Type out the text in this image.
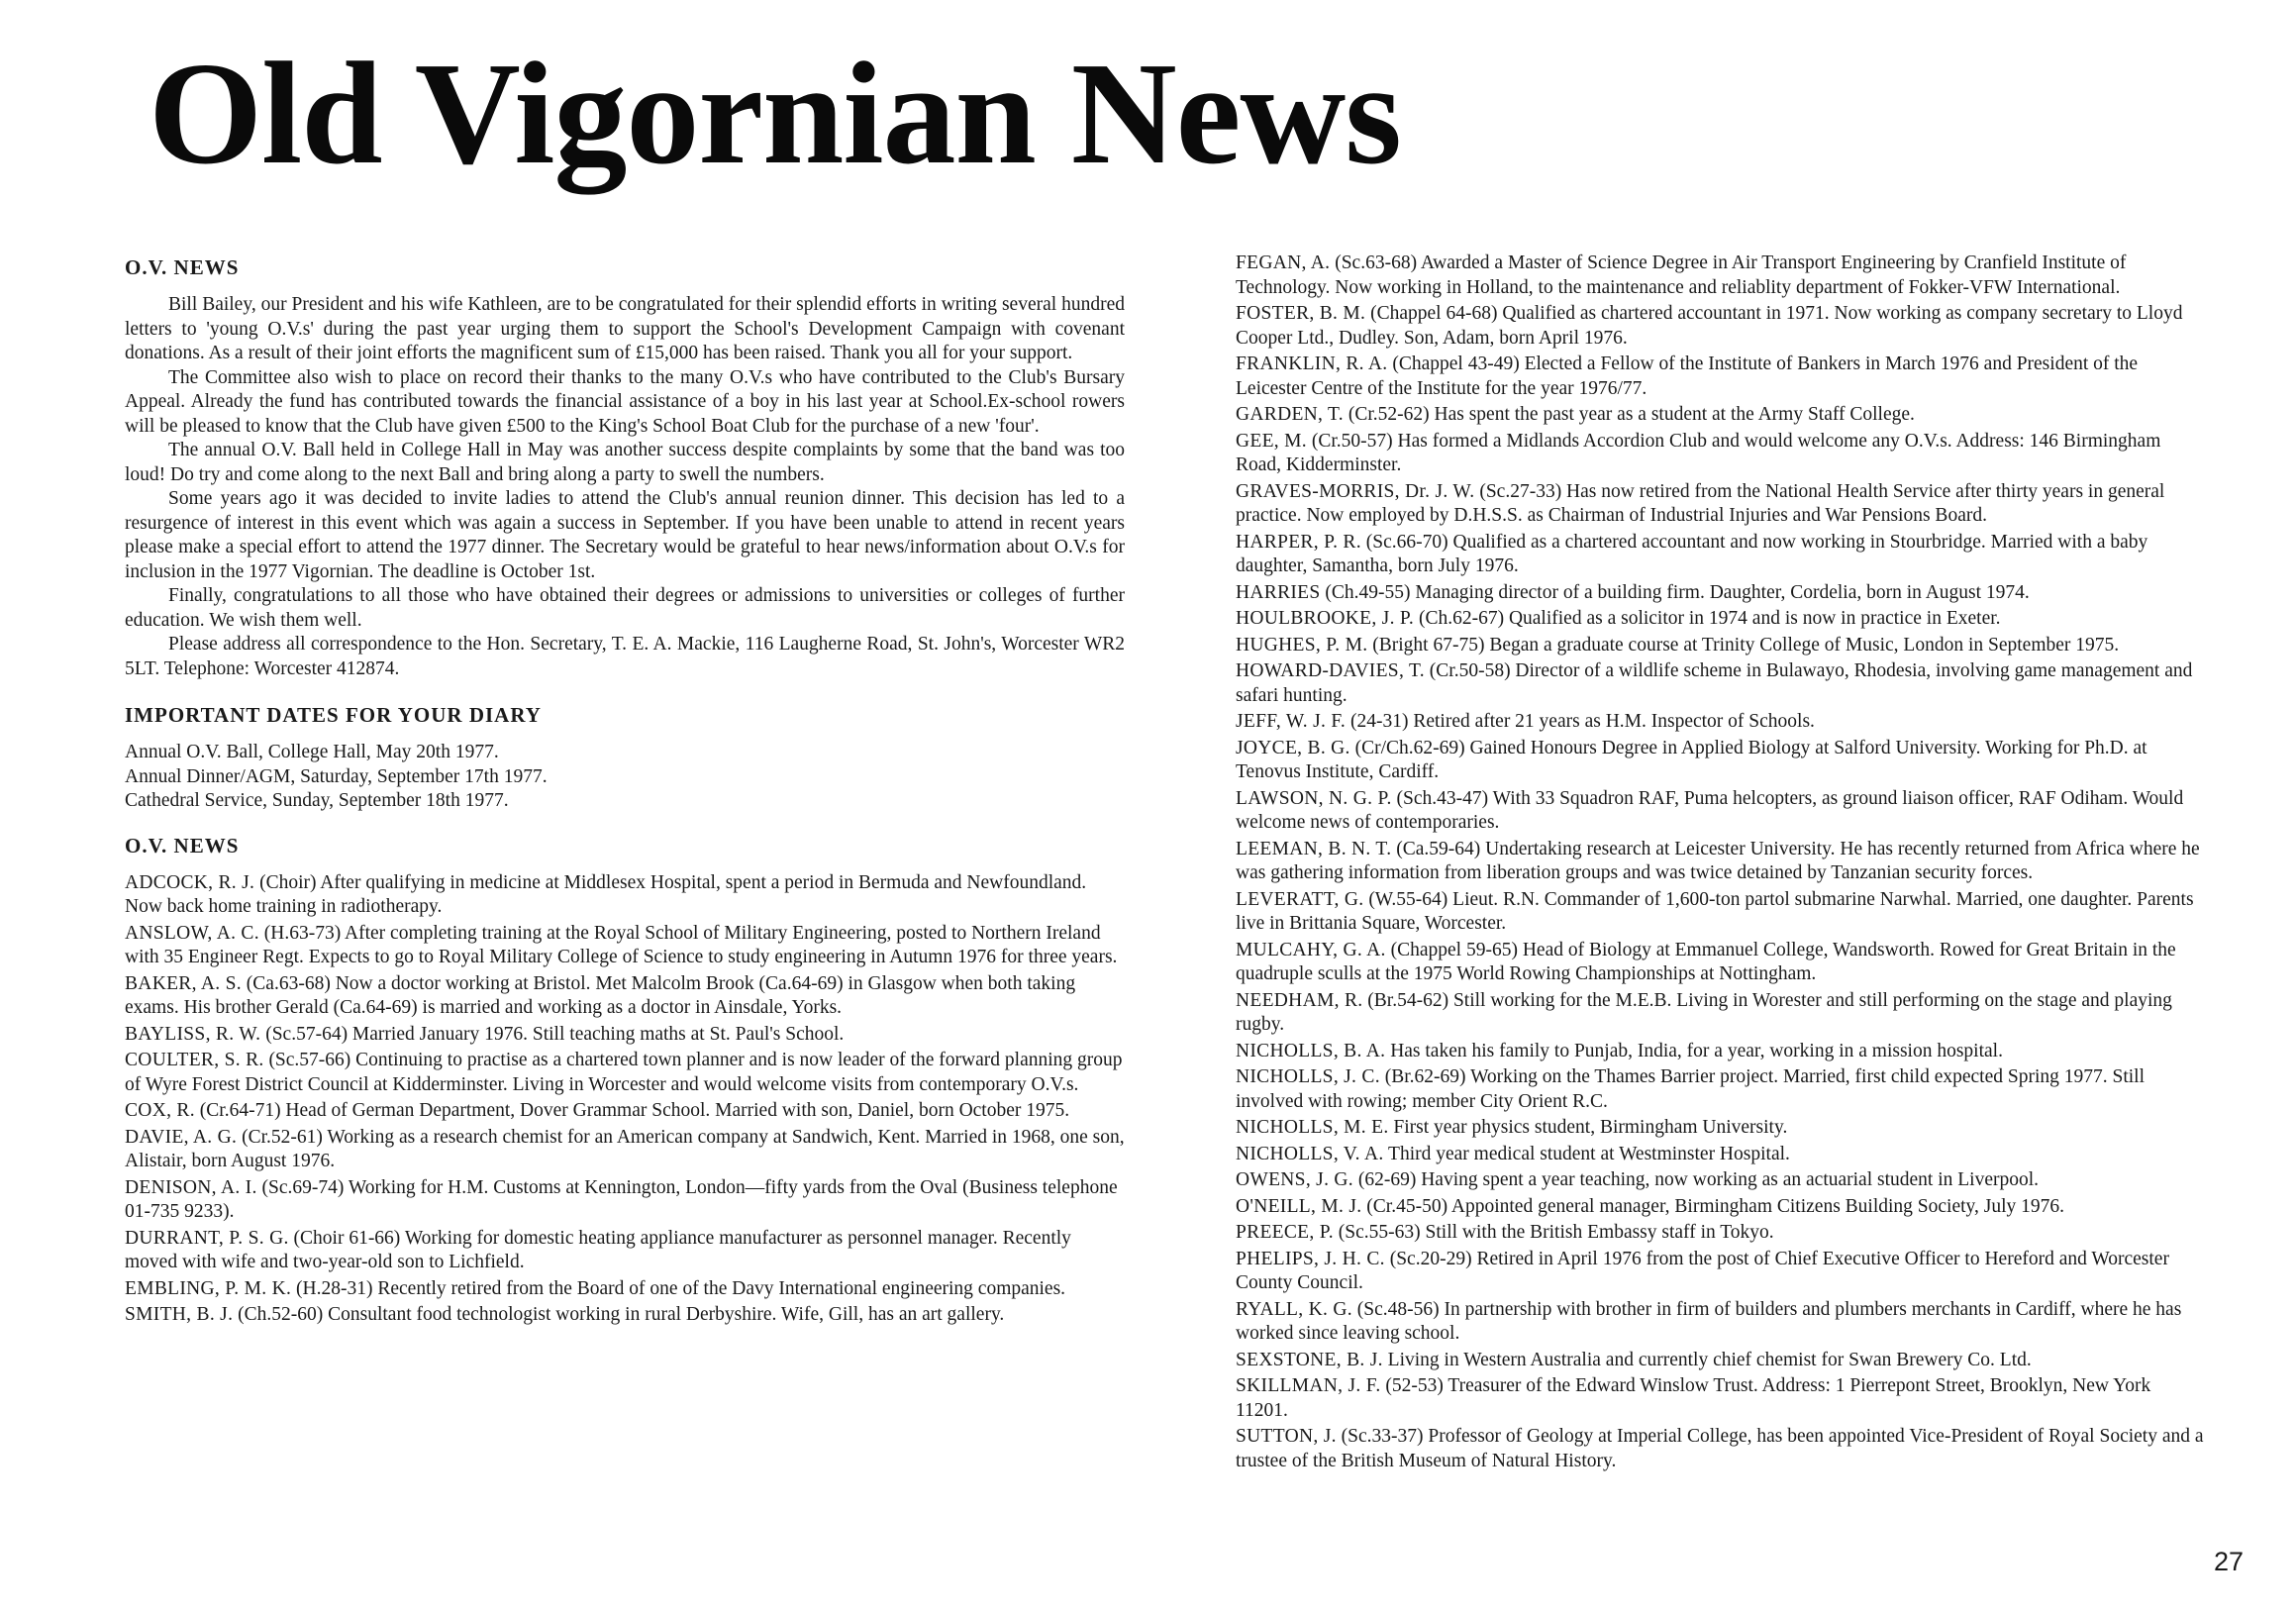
Old Vigornian News
O.V. NEWS

Bill Bailey, our President and his wife Kathleen, are to be congratulated for their splendid efforts in writing several hundred letters to 'young O.V.s' during the past year urging them to support the School's Development Campaign with covenant donations. As a result of their joint efforts the magnificent sum of £15,000 has been raised. Thank you all for your support.

The Committee also wish to place on record their thanks to the many O.V.s who have contributed to the Club's Bursary Appeal. Already the fund has contributed towards the financial assistance of a boy in his last year at School.Ex-school rowers will be pleased to know that the Club have given £500 to the King's School Boat Club for the purchase of a new 'four'.

The annual O.V. Ball held in College Hall in May was another success despite complaints by some that the band was too loud! Do try and come along to the next Ball and bring along a party to swell the numbers.

Some years ago it was decided to invite ladies to attend the Club's annual reunion dinner. This decision has led to a resurgence of interest in this event which was again a success in September. If you have been unable to attend in recent years please make a special effort to attend the 1977 dinner. The Secretary would be grateful to hear news/information about O.V.s for inclusion in the 1977 Vigornian. The deadline is October 1st.

Finally, congratulations to all those who have obtained their degrees or admissions to universities or colleges of further education. We wish them well.

Please address all correspondence to the Hon. Secretary, T. E. A. Mackie, 116 Laugherne Road, St. John's, Worcester WR2 5LT. Telephone: Worcester 412874.

IMPORTANT DATES FOR YOUR DIARY

Annual O.V. Ball, College Hall, May 20th 1977.

Annual Dinner/AGM, Saturday, September 17th 1977.

Cathedral Service, Sunday, September 18th 1977.

O.V. NEWS

ADCOCK, R. J. (Choir) After qualifying in medicine at Middlesex Hospital, spent a period in Bermuda and Newfoundland. Now back home training in radiotherapy.

ANSLOW, A. C. (H.63-73) After completing training at the Royal School of Military Engineering, posted to Northern Ireland with 35 Engineer Regt. Expects to go to Royal Military College of Science to study engineering in Autumn 1976 for three years.

BAKER, A. S. (Ca.63-68) Now a doctor working at Bristol. Met Malcolm Brook (Ca.64-69) in Glasgow when both taking exams. His brother Gerald (Ca.64-69) is married and working as a doctor in Ainsdale, Yorks.

BAYLISS, R. W. (Sc.57-64) Married January 1976. Still teaching maths at St. Paul's School.

COULTER, S. R. (Sc.57-66) Continuing to practise as a chartered town planner and is now leader of the forward planning group of Wyre Forest District Council at Kidderminster. Living in Worcester and would welcome visits from contemporary O.V.s.

COX, R. (Cr.64-71) Head of German Department, Dover Grammar School. Married with son, Daniel, born October 1975.

DAVIE, A. G. (Cr.52-61) Working as a research chemist for an American company at Sandwich, Kent. Married in 1968, one son, Alistair, born August 1976.

DENISON, A. I. (Sc.69-74) Working for H.M. Customs at Kennington, London—fifty yards from the Oval (Business telephone 01-735 9233).

DURRANT, P. S. G. (Choir 61-66) Working for domestic heating appliance manufacturer as personnel manager. Recently moved with wife and two-year-old son to Lichfield.

EMBLING, P. M. K. (H.28-31) Recently retired from the Board of one of the Davy International engineering companies.

SMITH, B. J. (Ch.52-60) Consultant food technologist working in rural Derbyshire. Wife, Gill, has an art gallery.

FEGAN, A. (Sc.63-68) Awarded a Master of Science Degree in Air Transport Engineering by Cranfield Institute of Technology. Now working in Holland, to the maintenance and reliablity department of Fokker-VFW International.

FOSTER, B. M. (Chappel 64-68) Qualified as chartered accountant in 1971. Now working as company secretary to Lloyd Cooper Ltd., Dudley. Son, Adam, born April 1976.

FRANKLIN, R. A. (Chappel 43-49) Elected a Fellow of the Institute of Bankers in March 1976 and President of the Leicester Centre of the Institute for the year 1976/77.

GARDEN, T. (Cr.52-62) Has spent the past year as a student at the Army Staff College.

GEE, M. (Cr.50-57) Has formed a Midlands Accordion Club and would welcome any O.V.s. Address: 146 Birmingham Road, Kidderminster.

GRAVES-MORRIS, Dr. J. W. (Sc.27-33) Has now retired from the National Health Service after thirty years in general practice. Now employed by D.H.S.S. as Chairman of Industrial Injuries and War Pensions Board.

HARPER, P. R. (Sc.66-70) Qualified as a chartered accountant and now working in Stourbridge. Married with a baby daughter, Samantha, born July 1976.

HARRIES (Ch.49-55) Managing director of a building firm. Daughter, Cordelia, born in August 1974.

HOULBROOKE, J. P. (Ch.62-67) Qualified as a solicitor in 1974 and is now in practice in Exeter.

HUGHES, P. M. (Bright 67-75) Began a graduate course at Trinity College of Music, London in September 1975.

HOWARD-DAVIES, T. (Cr.50-58) Director of a wildlife scheme in Bulawayo, Rhodesia, involving game management and safari hunting.

JEFF, W. J. F. (24-31) Retired after 21 years as H.M. Inspector of Schools.

JOYCE, B. G. (Cr/Ch.62-69) Gained Honours Degree in Applied Biology at Salford University. Working for Ph.D. at Tenovus Institute, Cardiff.

LAWSON, N. G. P. (Sch.43-47) With 33 Squadron RAF, Puma helcopters, as ground liaison officer, RAF Odiham. Would welcome news of contemporaries.

LEEMAN, B. N. T. (Ca.59-64) Undertaking research at Leicester University. He has recently returned from Africa where he was gathering information from liberation groups and was twice detained by Tanzanian security forces.

LEVERATT, G. (W.55-64) Lieut. R.N. Commander of 1,600-ton partol submarine Narwhal. Married, one daughter. Parents live in Brittania Square, Worcester.

MULCAHY, G. A. (Chappel 59-65) Head of Biology at Emmanuel College, Wandsworth. Rowed for Great Britain in the quadruple sculls at the 1975 World Rowing Championships at Nottingham.

NEEDHAM, R. (Br.54-62) Still working for the M.E.B. Living in Worester and still performing on the stage and playing rugby.

NICHOLLS, B. A. Has taken his family to Punjab, India, for a year, working in a mission hospital.

NICHOLLS, J. C. (Br.62-69) Working on the Thames Barrier project. Married, first child expected Spring 1977. Still involved with rowing; member City Orient R.C.

NICHOLLS, M. E. First year physics student, Birmingham University.

NICHOLLS, V. A. Third year medical student at Westminster Hospital.

OWENS, J. G. (62-69) Having spent a year teaching, now working as an actuarial student in Liverpool.

O'NEILL, M. J. (Cr.45-50) Appointed general manager, Birmingham Citizens Building Society, July 1976.

PREECE, P. (Sc.55-63) Still with the British Embassy staff in Tokyo.

PHELIPS, J. H. C. (Sc.20-29) Retired in April 1976 from the post of Chief Executive Officer to Hereford and Worcester County Council.

RYALL, K. G. (Sc.48-56) In partnership with brother in firm of builders and plumbers merchants in Cardiff, where he has worked since leaving school.

SEXSTONE, B. J. Living in Western Australia and currently chief chemist for Swan Brewery Co. Ltd.

SKILLMAN, J. F. (52-53) Treasurer of the Edward Winslow Trust. Address: 1 Pierrepont Street, Brooklyn, New York 11201.

SUTTON, J. (Sc.33-37) Professor of Geology at Imperial College, has been appointed Vice-President of Royal Society and a trustee of the British Museum of Natural History.

27
